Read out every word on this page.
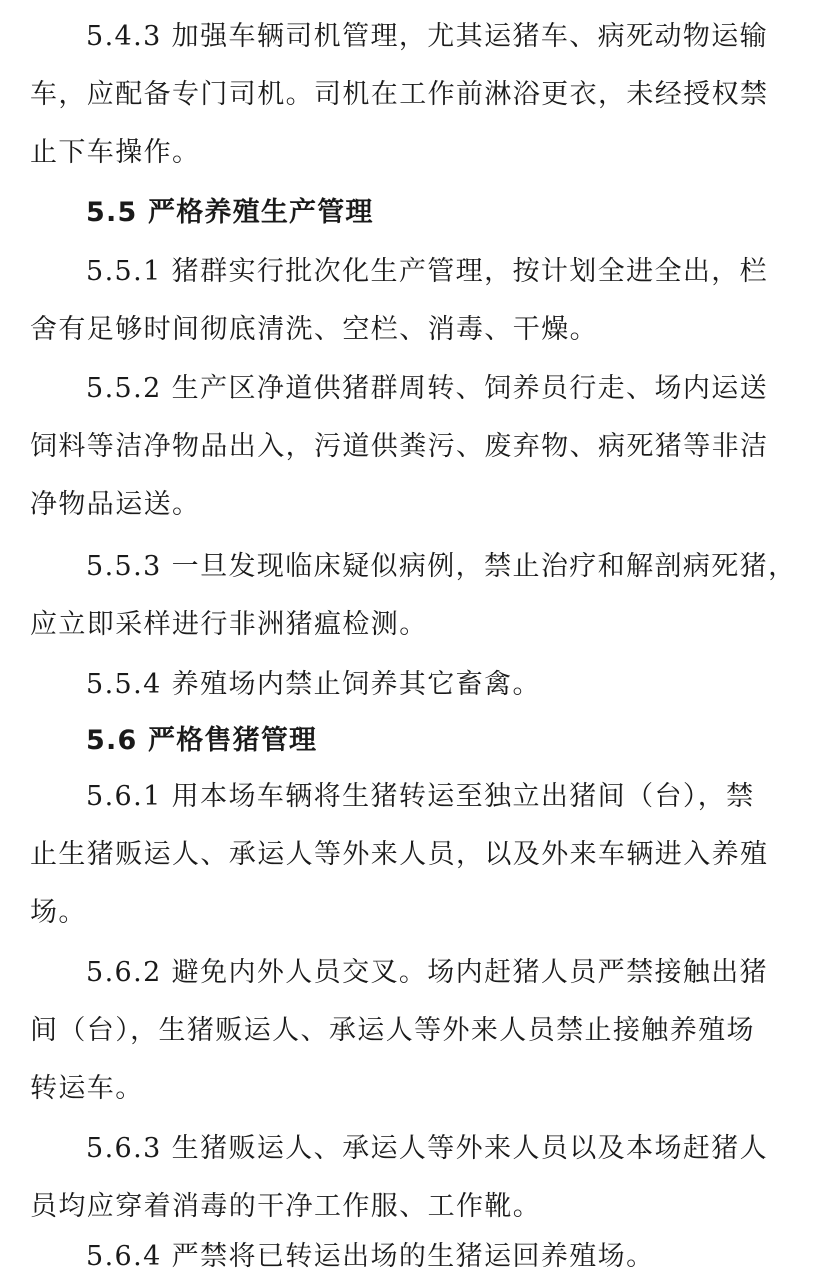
5.4.3 加强车辆司机管理，尤其运猪车、病死动物运输
车，应配备专门司机。司机在工作前淋浴更衣，未经授权禁
止下车操作。
5.5 严格养殖生产管理
5.5.1 猪群实行批次化生产管理，按计划全进全出，栏
舍有足够时间彻底清洗、空栏、消毒、干燥。
5.5.2 生产区净道供猪群周转、饲养员行走、场内运送
饲料等洁净物品出入，污道供粪污、废弃物、病死猪等非洁
净物品运送。
5.5.3 一旦发现临床疑似病例，禁止治疗和解剖病死猪，
应立即采样进行非洲猪瘟检测。
5.5.4 养殖场内禁止饲养其它畜禽。
5.6 严格售猪管理
5.6.1 用本场车辆将生猪转运至独立出猪间（台），禁
止生猪贩运人、承运人等外来人员，以及外来车辆进入养殖
场。
5.6.2 避免内外人员交叉。场内赶猪人员严禁接触出猪
间（台），生猪贩运人、承运人等外来人员禁止接触养殖场
转运车。
5.6.3 生猪贩运人、承运人等外来人员以及本场赶猪人
员均应穿着消毒的干净工作服、工作靴。
5.6.4 严禁将已转运出场的生猪运回养殖场。
